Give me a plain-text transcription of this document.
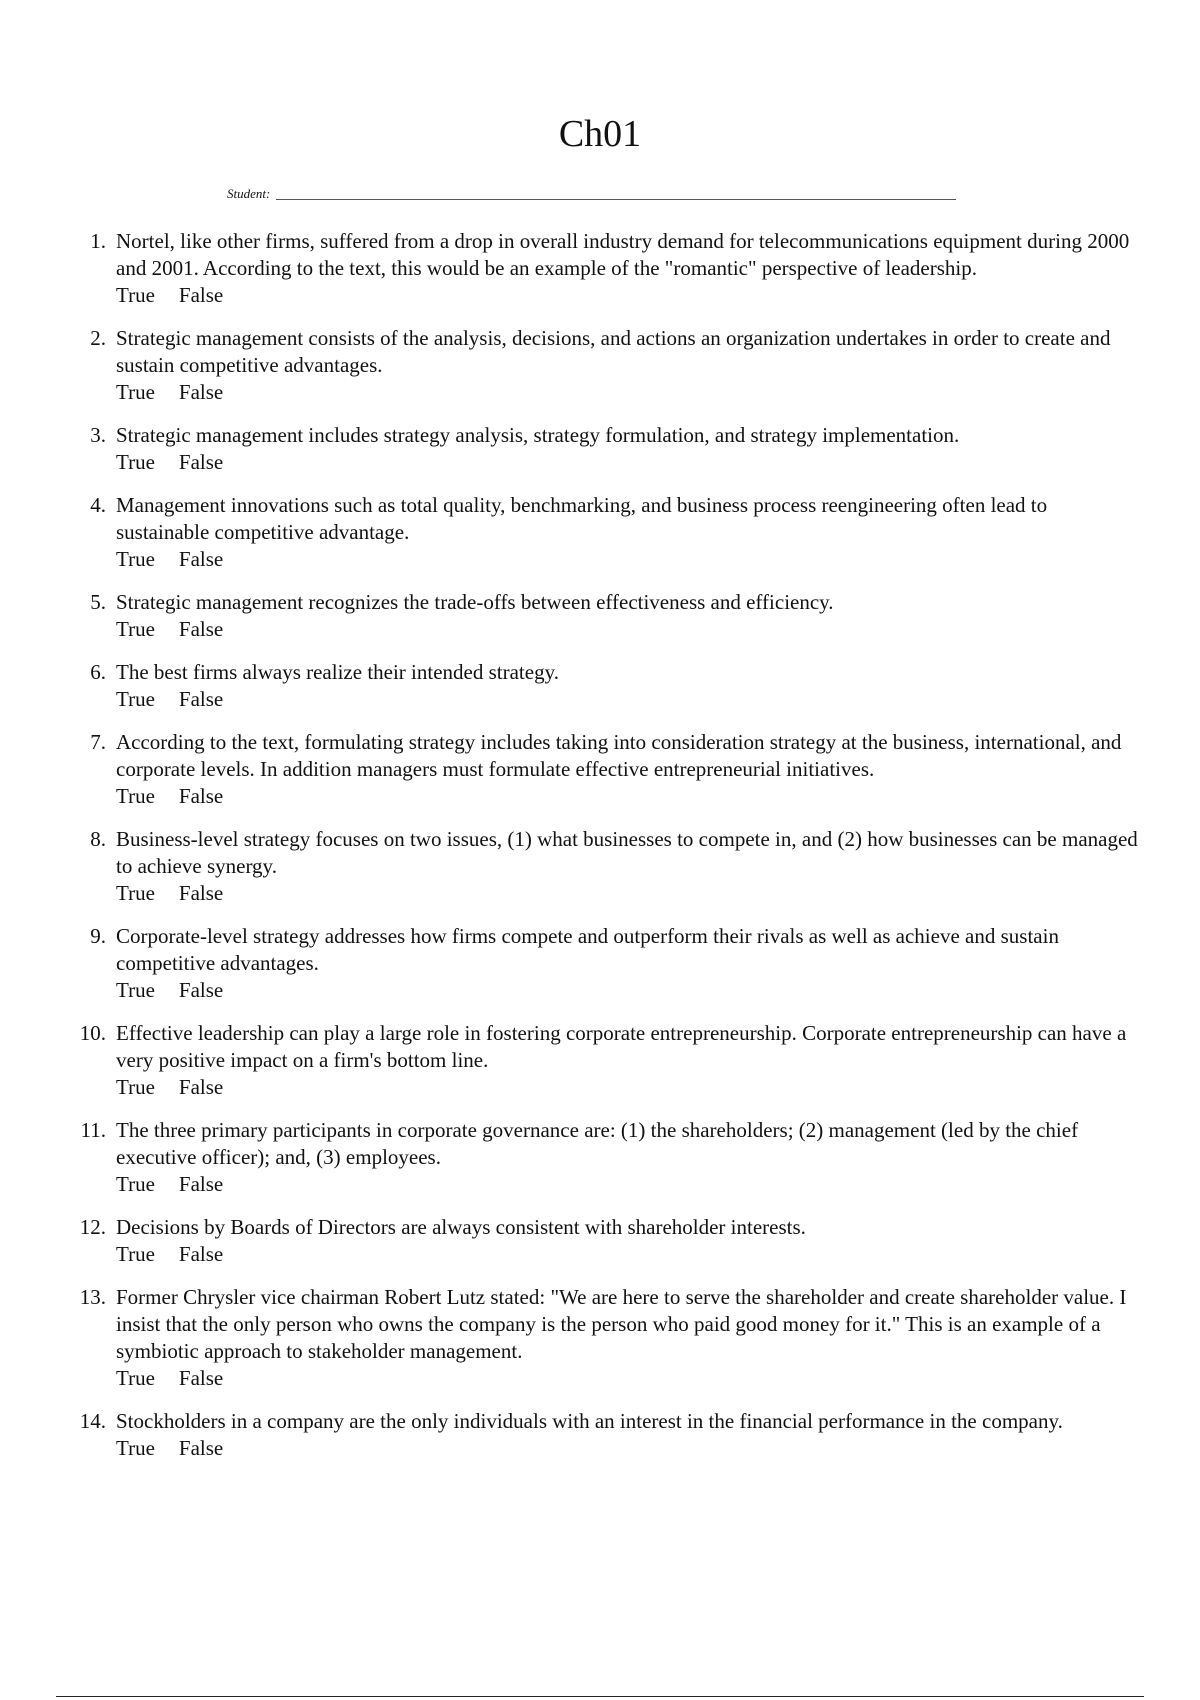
Ch01
Student:
1. Nortel, like other firms, suffered from a drop in overall industry demand for telecommunications equipment during 2000 and 2001. According to the text, this would be an example of the "romantic" perspective of leadership.
True False
2. Strategic management consists of the analysis, decisions, and actions an organization undertakes in order to create and sustain competitive advantages.
True False
3. Strategic management includes strategy analysis, strategy formulation, and strategy implementation.
True False
4. Management innovations such as total quality, benchmarking, and business process reengineering often lead to sustainable competitive advantage.
True False
5. Strategic management recognizes the trade-offs between effectiveness and efficiency.
True False
6. The best firms always realize their intended strategy.
True False
7. According to the text, formulating strategy includes taking into consideration strategy at the business, international, and corporate levels. In addition managers must formulate effective entrepreneurial initiatives.
True False
8. Business-level strategy focuses on two issues, (1) what businesses to compete in, and (2) how businesses can be managed to achieve synergy.
True False
9. Corporate-level strategy addresses how firms compete and outperform their rivals as well as achieve and sustain competitive advantages.
True False
10. Effective leadership can play a large role in fostering corporate entrepreneurship. Corporate entrepreneurship can have a very positive impact on a firm's bottom line.
True False
11. The three primary participants in corporate governance are: (1) the shareholders; (2) management (led by the chief executive officer); and, (3) employees.
True False
12. Decisions by Boards of Directors are always consistent with shareholder interests.
True False
13. Former Chrysler vice chairman Robert Lutz stated: "We are here to serve the shareholder and create shareholder value. I insist that the only person who owns the company is the person who paid good money for it." This is an example of a symbiotic approach to stakeholder management.
True False
14. Stockholders in a company are the only individuals with an interest in the financial performance in the company.
True False
